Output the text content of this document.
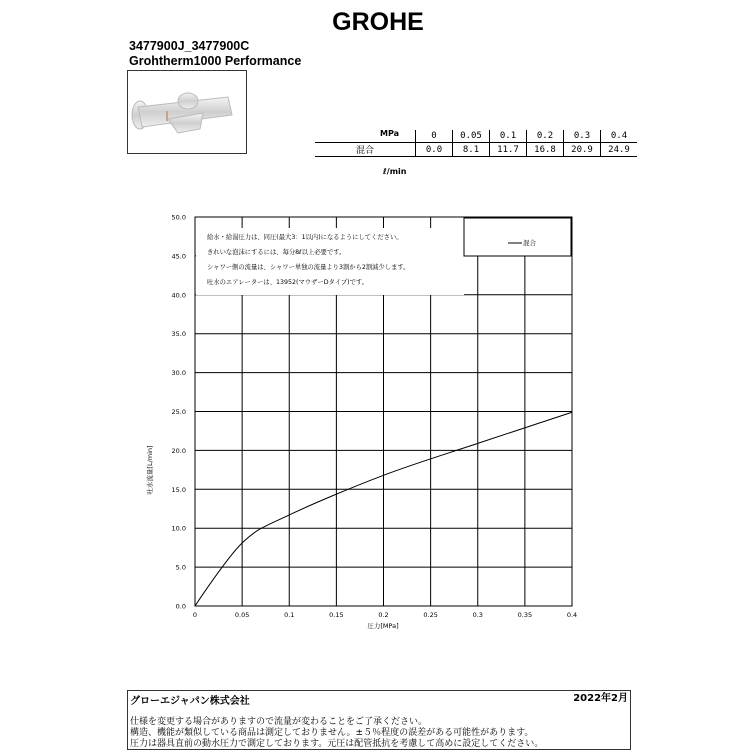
GROHE
3477900J_3477900C
Grohtherm1000 Performance
MPa
		0	0.05	0.1	0.2	0.3	0.4
混合	0.0	8.1	11.7	16.8	20.9	24.9
ℓ/min
0	0.05	0.1	0.15	0.2	0.25	0.3	0.35	0.4
0.0
5.0
10.0
15.0
20.0
25.0
30.0
35.0
40.0
45.0
50.0
給水・給湯圧力は、同圧(最大3：1以内)になるようにしてください。
きれいな泡沫にするには、毎分8ℓ以上必要です。
シャワー側の流量は、シャワー単独の流量より3割から2割減少します。
吐水のエアレーターは、13952(マウザーDタイプ)です。
混合
圧力[MPa]
吐水流量[L/min]
グローエジャパン株式会社	2022年2月
仕様を変更する場合がありますので流量が変わることをご了承ください。
構造、機能が類似している商品は測定しておりません。±５％程度の誤差がある可能性があります。
圧力は器具直前の動水圧力で測定しております。元圧は配管抵抗を考慮して高めに設定してください。
